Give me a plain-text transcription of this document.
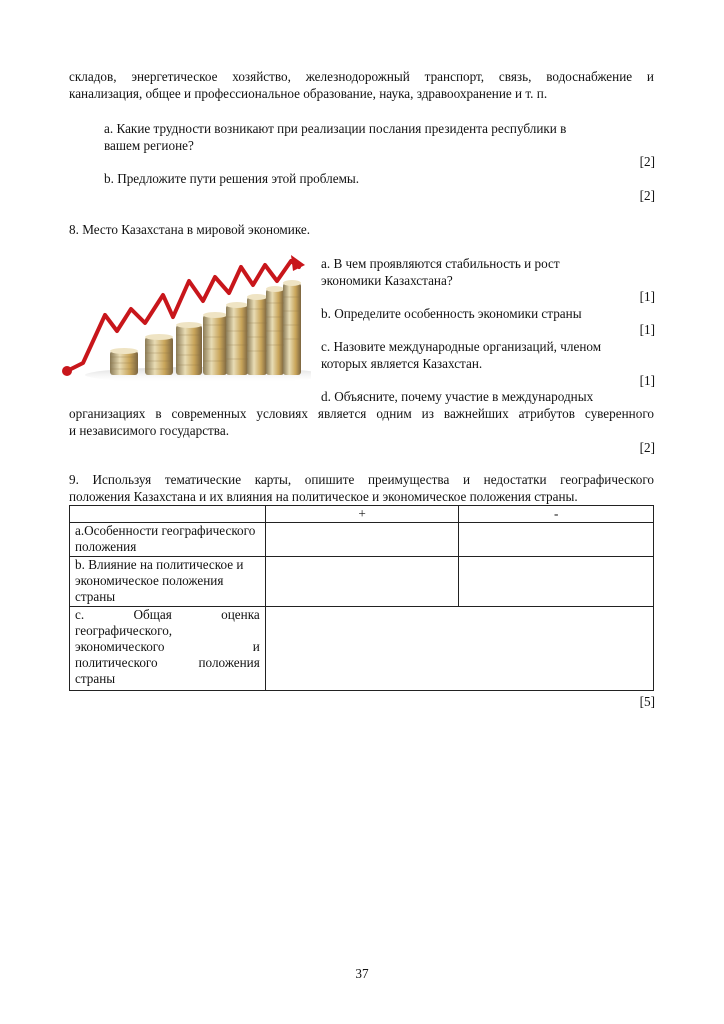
складов, энергетическое хозяйство, железнодорожный транспорт, связь, водоснабжение и
канализация, общее и профессиональное образование, наука, здравоохранение и т. п.
a. Какие трудности возникают при реализации послания президента республики в
вашем регионе?
[2]
b. Предложите пути решения этой проблемы.
[2]
8. Место Казахстана в мировой экономике.
a. В чем проявляются стабильность и рост
экономики Казахстана?
[1]
b. Определите особенность экономики страны
[1]
c. Назовите международные организаций, членом
которых является Казахстан.
[1]
d. Объясните, почему участие в международных
организациях в современных условиях является одним из важнейших атрибутов суверенного
и независимого государства.
[2]
9. Используя тематические карты, опишите преимущества и недостатки географического
положения Казахстана и их влияния на политическое и экономическое положения страны.
	+	-
a.Особенности географического положения		
b. Влияние на политическое и экономическое положения страны		
c. Общая оценка географического, экономического и политического положения страны		
[5]
37
